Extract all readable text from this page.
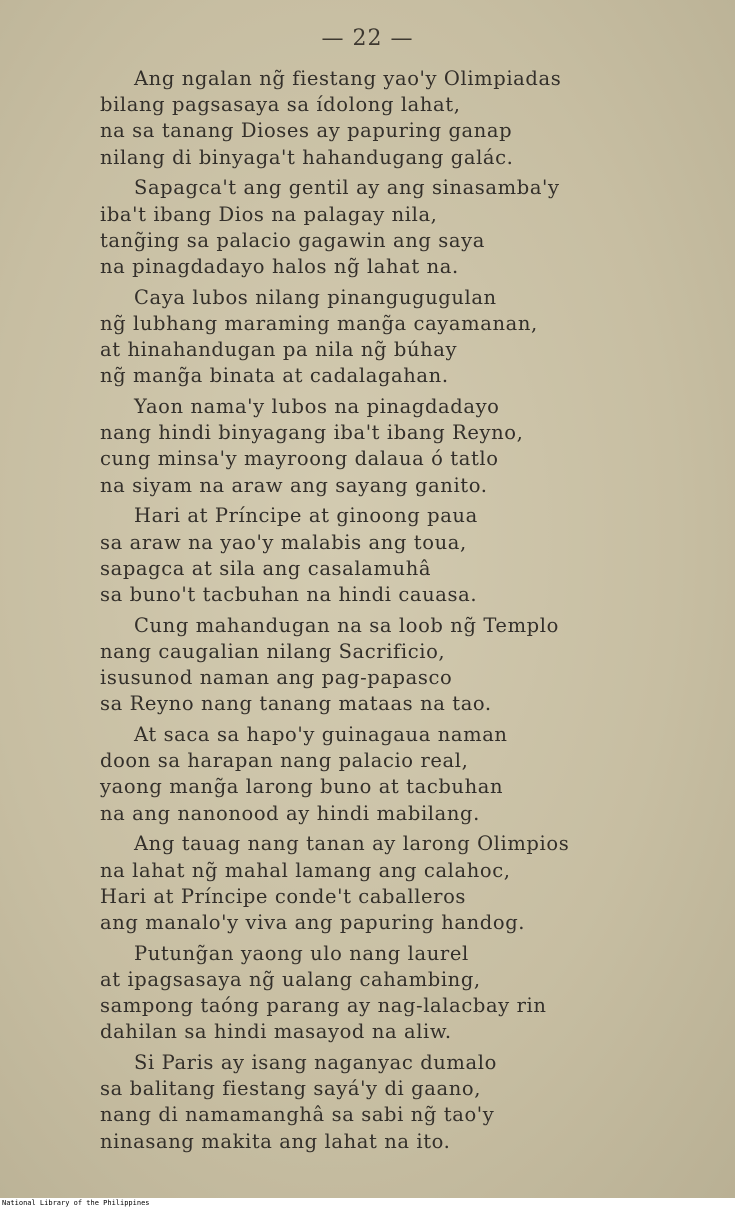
— 22 —
Ang ngalan ng̃ fiestang yao'y Olimpiadas
bilang pagsasaya sa ídolong lahat,
na sa tanang Dioses ay papuring ganap
nilang di binyaga't hahandugang galác.
Sapagca't ang gentil ay ang sinasamba'y
iba't ibang Dios na palagay nila,
tang̃ing sa palacio gagawin ang saya
na pinagdadayo halos ng̃ lahat na.
Caya lubos nilang pinangugugulan
ng̃ lubhang maraming mang̃a cayamanan,
at hinahandugan pa nila ng̃ búhay
ng̃ mang̃a binata at cadalagahan.
Yaon nama'y lubos na pinagdadayo
nang hindi binyagang iba't ibang Reyno,
cung minsa'y mayroong dalaua ó tatlo
na siyam na araw ang sayang ganito.
Hari at Príncipe at ginoong paua
sa araw na yao'y malabis ang toua,
sapagca at sila ang casalamuhâ
sa buno't tacbuhan na hindi cauasa.
Cung mahandugan na sa loob ng̃ Templo
nang caugalian nilang Sacrificio,
isusunod naman ang pag-papasco
sa Reyno nang tanang mataas na tao.
At saca sa hapo'y guinagaua naman
doon sa harapan nang palacio real,
yaong mang̃a larong buno at tacbuhan
na ang nanonood ay hindi mabilang.
Ang tauag nang tanan ay larong Olimpios
na lahat ng̃ mahal lamang ang calahoc,
Hari at Príncipe conde't caballeros
ang manalo'y viva ang papuring handog.
Putung̃an yaong ulo nang laurel
at ipagsasaya ng̃ ualang cahambing,
sampong taóng parang ay nag-lalacbay rin
dahilan sa hindi masayod na aliw.
Si Paris ay isang naganyac dumalo
sa balitang fiestang sayá'y di gaano,
nang di namamanghâ sa sabi ng̃ tao'y
ninasang makita ang lahat na ito.
National Library of the Philippines
